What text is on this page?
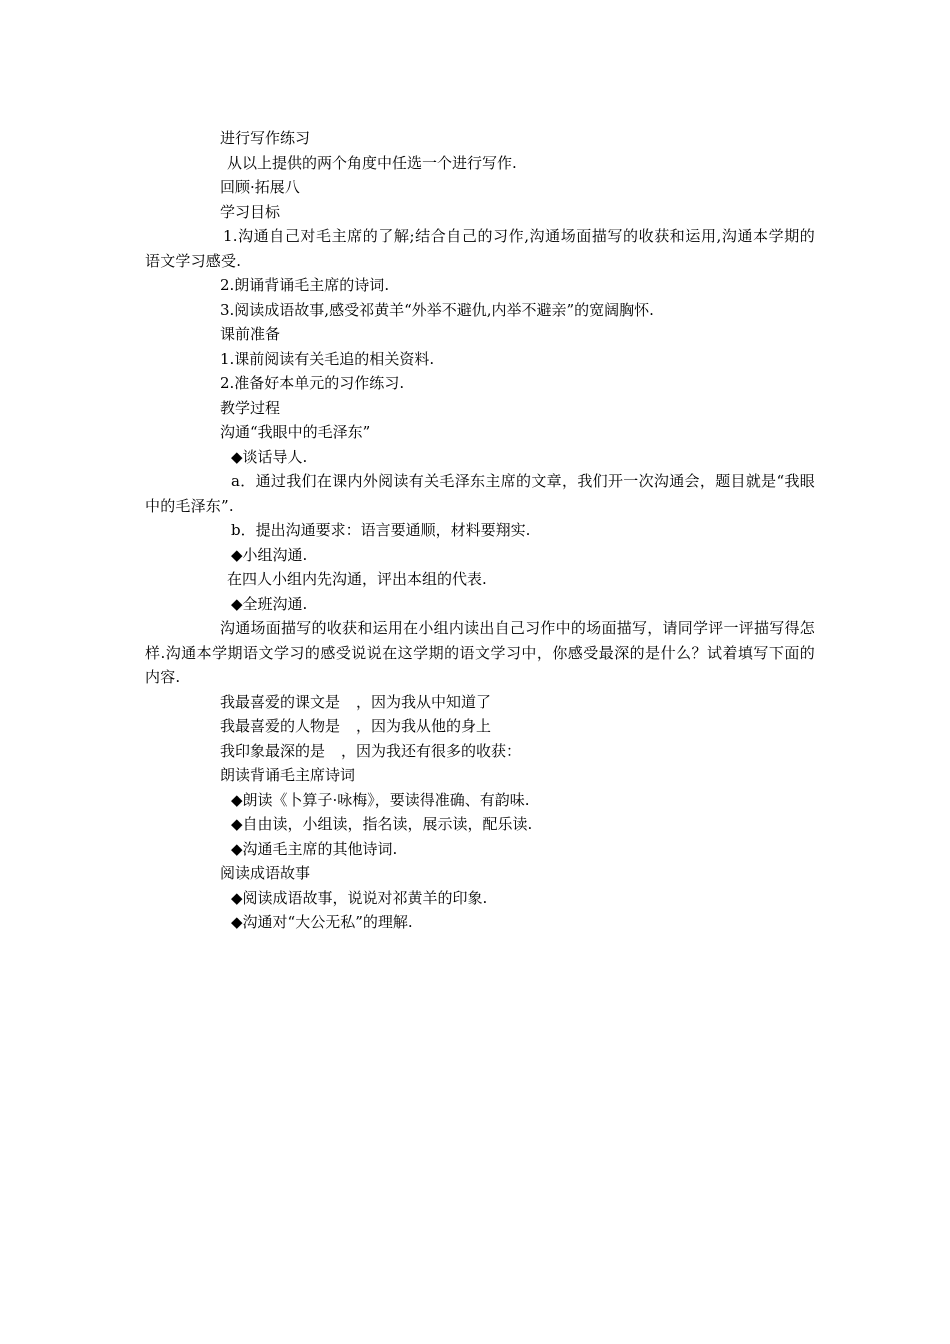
进行写作练习
从以上提供的两个角度中任选一个进行写作.
回顾·拓展八
学习目标
1.沟通自己对毛主席的了解;结合自己的习作,沟通场面描写的收获和运用,沟通本学期的语文学习感受.
2.朗诵背诵毛主席的诗词.
3.阅读成语故事,感受祁黄羊“外举不避仇,内举不避亲”的宽阔胸怀.
课前准备
1.课前阅读有关毛追的相关资料.
2.准备好本单元的习作练习.
教学过程
沟通“我眼中的毛泽东”
◆谈话导人.
a．通过我们在课内外阅读有关毛泽东主席的文章，我们开一次沟通会，题目就是“我眼中的毛泽东”.
b．提出沟通要求：语言要通顺，材料要翔实.
◆小组沟通.
在四人小组内先沟通，评出本组的代表.
◆全班沟通.
沟通场面描写的收获和运用在小组内读出自己习作中的场面描写，请同学评一评描写得怎样.沟通本学期语文学习的感受说说在这学期的语文学习中，你感受最深的是什么？试着填写下面的内容.
我最喜爱的课文是 ，因为我从中知道了
我最喜爱的人物是 ，因为我从他的身上
我印象最深的是 ，因为我还有很多的收获：
朗读背诵毛主席诗词
◆朗读《卜算子·咏梅》，要读得准确、有韵味.
◆自由读，小组读，指名读，展示读，配乐读.
◆沟通毛主席的其他诗词.
阅读成语故事
◆阅读成语故事，说说对祁黄羊的印象.
◆沟通对“大公无私”的理解.
